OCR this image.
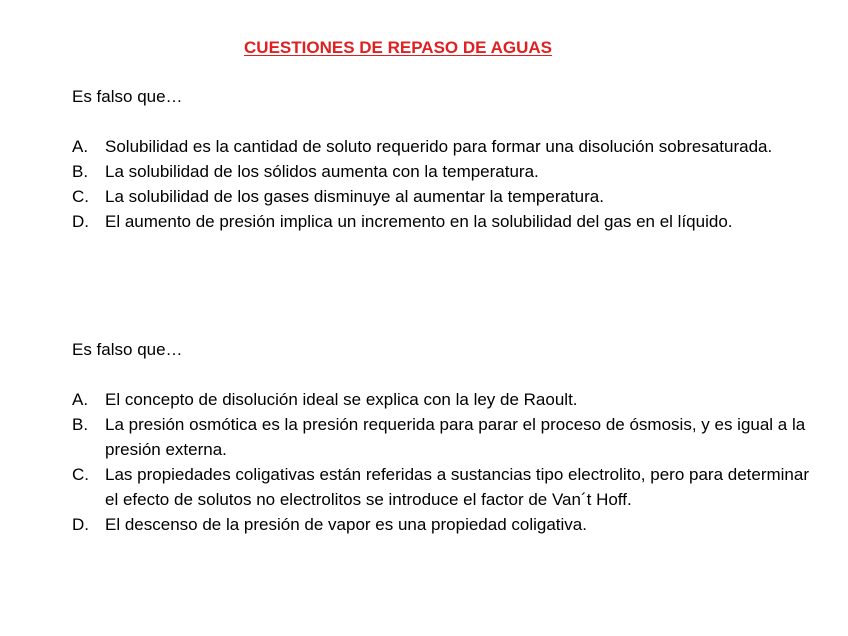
CUESTIONES DE REPASO DE AGUAS

Es falso que…

A. Solubilidad es la cantidad de soluto requerido para formar una disolución sobresaturada.
B. La solubilidad de los sólidos aumenta con la temperatura.
C. La solubilidad de los gases disminuye al aumentar la temperatura.
D. El aumento de presión implica un incremento en la solubilidad del gas en el líquido.

Es falso que…

A. El concepto de disolución ideal se explica con la ley de Raoult.
B. La presión osmótica es la presión requerida para parar el proceso de ósmosis, y es igual a la presión externa.
C. Las propiedades coligativas están referidas a sustancias tipo electrolito, pero para determinar el efecto de solutos no electrolitos se introduce el factor de Van´t Hoff.
D. El descenso de la presión de vapor es una propiedad coligativa.
